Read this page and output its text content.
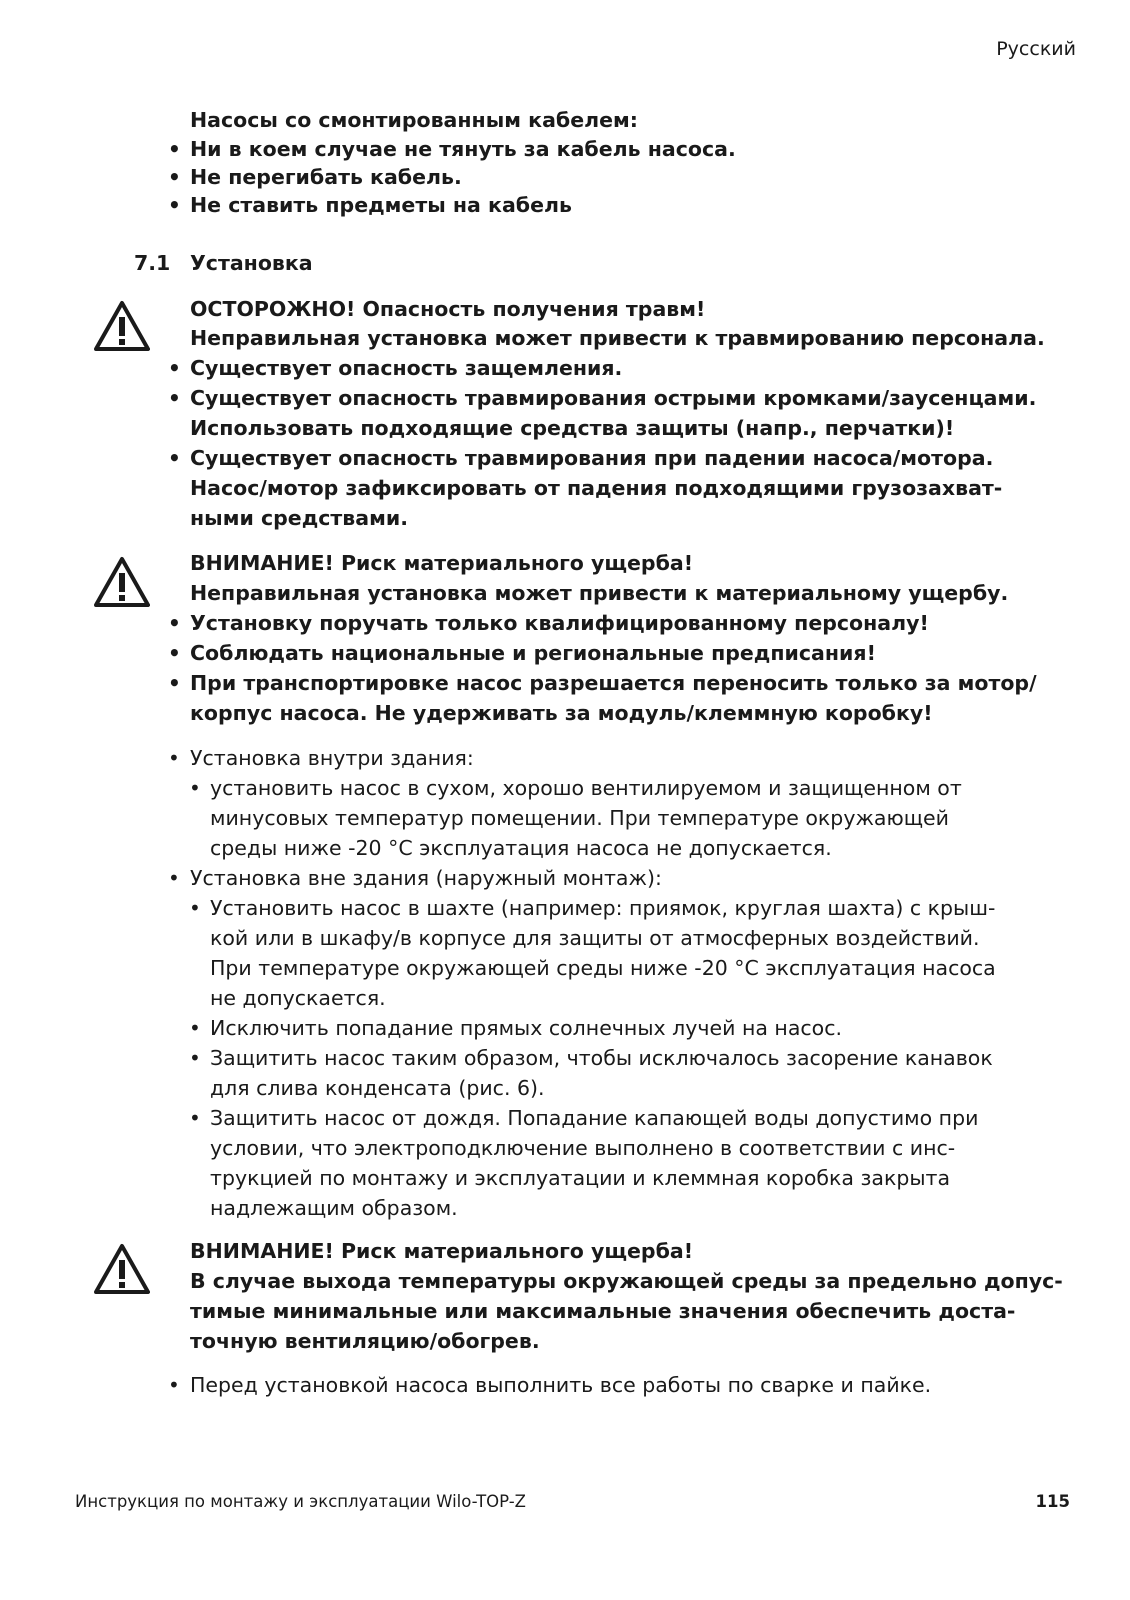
Русский
Насосы со смонтированным кабелем:
• Ни в коем случае не тянуть за кабель насоса.
• Не перегибать кабель.
• Не ставить предметы на кабель
7.1 Установка
ОСТОРОЖНО! Опасность получения травм!
Неправильная установка может привести к травмированию персонала.
• Существует опасность защемления.
• Существует опасность травмирования острыми кромками/заусенцами.
Использовать подходящие средства защиты (напр., перчатки)!
• Существует опасность травмирования при падении насоса/мотора.
Насос/мотор зафиксировать от падения подходящими грузозахват-
ными средствами.
ВНИМАНИЕ! Риск материального ущерба!
Неправильная установка может привести к материальному ущербу.
• Установку поручать только квалифицированному персоналу!
• Соблюдать национальные и региональные предписания!
• При транспортировке насос разрешается переносить только за мотор/
корпус насоса. Не удерживать за модуль/клеммную коробку!
• Установка внутри здания:
• установить насос в сухом, хорошо вентилируемом и защищенном от
минусовых температур помещении. При температуре окружающей
среды ниже -20 °C эксплуатация насоса не допускается.
• Установка вне здания (наружный монтаж):
• Установить насос в шахте (например: приямок, круглая шахта) с крыш-
кой или в шкафу/в корпусе для защиты от атмосферных воздействий.
При температуре окружающей среды ниже -20 °C эксплуатация насоса
не допускается.
• Исключить попадание прямых солнечных лучей на насос.
• Защитить насос таким образом, чтобы исключалось засорение канавок
для слива конденсата (рис. 6).
• Защитить насос от дождя. Попадание капающей воды допустимо при
условии, что электроподключение выполнено в соответствии с инс-
трукцией по монтажу и эксплуатации и клеммная коробка закрыта
надлежащим образом.
ВНИМАНИЕ! Риск материального ущерба!
В случае выхода температуры окружающей среды за предельно допус-
тимые минимальные или максимальные значения обеспечить доста-
точную вентиляцию/обогрев.
• Перед установкой насоса выполнить все работы по сварке и пайке.
Инструкция по монтажу и эксплуатации Wilo-TOP-Z	115
